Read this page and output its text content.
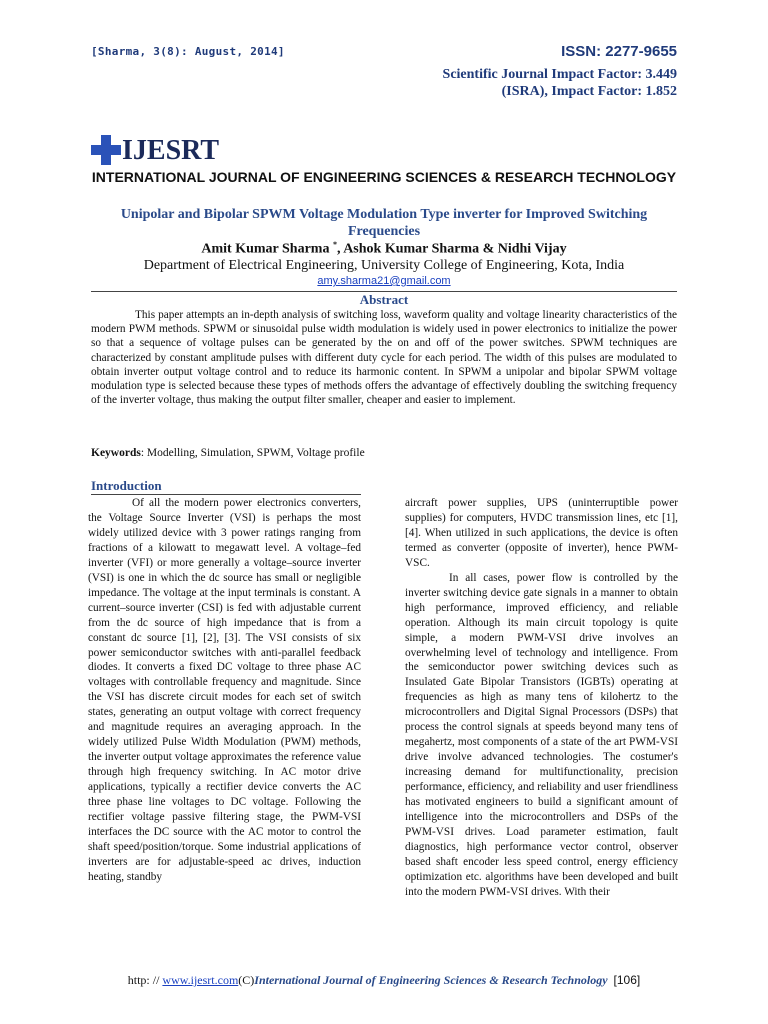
[Sharma, 3(8): August, 2014]	ISSN: 2277-9655
Scientific Journal Impact Factor: 3.449
(ISRA), Impact Factor: 1.852
IJESRT
INTERNATIONAL JOURNAL OF ENGINEERING SCIENCES & RESEARCH TECHNOLOGY
Unipolar and Bipolar SPWM Voltage Modulation Type inverter for Improved Switching Frequencies
Amit Kumar Sharma *, Ashok Kumar Sharma & Nidhi Vijay
Department of Electrical Engineering, University College of Engineering, Kota, India
amy.sharma21@gmail.com
Abstract
This paper attempts an in-depth analysis of switching loss, waveform quality and voltage linearity characteristics of the modern PWM methods. SPWM or sinusoidal pulse width modulation is widely used in power electronics to initialize the power so that a sequence of voltage pulses can be generated by the on and off of the power switches. SPWM techniques are characterized by constant amplitude pulses with different duty cycle for each period. The width of this pulses are modulated to obtain inverter output voltage control and to reduce its harmonic content. In SPWM a unipolar and bipolar SPWM voltage modulation type is selected because these types of methods offers the advantage of effectively doubling the switching frequency of the inverter voltage, thus making the output filter smaller, cheaper and easier to implement.
Keywords: Modelling, Simulation, SPWM, Voltage profile
Introduction

Of all the modern power electronics converters, the Voltage Source Inverter (VSI) is perhaps the most widely utilized device with 3 power ratings ranging from fractions of a kilowatt to megawatt level. A voltage–fed inverter (VFI) or more generally a voltage–source inverter (VSI) is one in which the dc source has small or negligible impedance. The voltage at the input terminals is constant. A current–source inverter (CSI) is fed with adjustable current from the dc source of high impedance that is from a constant dc source [1], [2], [3]. The VSI consists of six power semiconductor switches with anti-parallel feedback diodes. It converts a fixed DC voltage to three phase AC voltages with controllable frequency and magnitude. Since the VSI has discrete circuit modes for each set of switch states, generating an output voltage with correct frequency and magnitude requires an averaging approach. In the widely utilized Pulse Width Modulation (PWM) methods, the inverter output voltage approximates the reference value through high frequency switching. In AC motor drive applications, typically a rectifier device converts the AC three phase line voltages to DC voltage. Following the rectifier voltage passive filtering stage, the PWM-VSI interfaces the DC source with the AC motor to control the shaft speed/position/torque. Some industrial applications of inverters are for adjustable-speed ac drives, induction heating, standby

aircraft power supplies, UPS (uninterruptible power supplies) for computers, HVDC transmission lines, etc [1],[4]. When utilized in such applications, the device is often termed as converter (opposite of inverter), hence PWM-VSC.

In all cases, power flow is controlled by the inverter switching device gate signals in a manner to obtain high performance, improved efficiency, and reliable operation. Although its main circuit topology is quite simple, a modern PWM-VSI drive involves an overwhelming level of technology and intelligence. From the semiconductor power switching devices such as Insulated Gate Bipolar Transistors (IGBTs) operating at frequencies as high as many tens of kilohertz to the microcontrollers and Digital Signal Processors (DSPs) that process the control signals at speeds beyond many tens of megahertz, most components of a state of the art PWM-VSI drive involve advanced technologies. The costumer's increasing demand for multifunctionality, precision performance, efficiency, and reliability and user friendliness has motivated engineers to build a significant amount of intelligence into the microcontrollers and DSPs of the PWM-VSI drives. Load parameter estimation, fault diagnostics, high performance vector control, observer based shaft encoder less speed control, energy efficiency optimization etc. algorithms have been developed and built into the modern PWM-VSI drives. With their

http: // www.ijesrt.com(C)International Journal of Engineering Sciences & Research Technology [106]
